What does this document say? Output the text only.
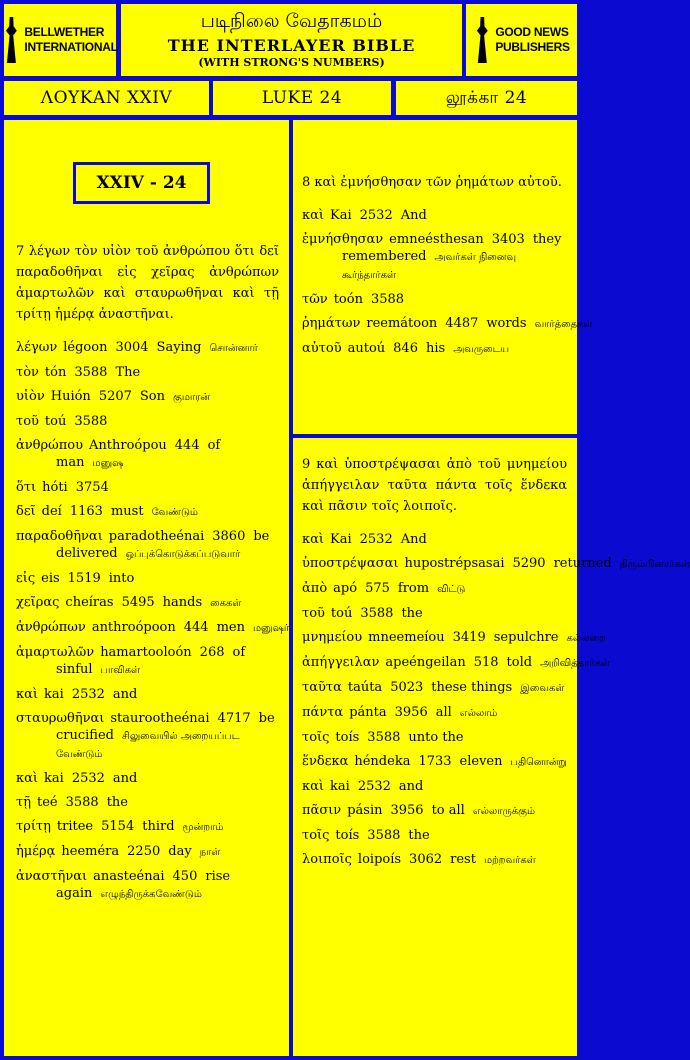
BELLWETHER
INTERNATIONAL
படிநிலை வேதாகமம்
THE INTERLAYER BIBLE
(WITH STRONG'S NUMBERS)
GOOD NEWS
PUBLISHERS
ΛΟΥΚΑΝ XXIV	LUKE 24	லூக்கா 24
XXIV - 24
7 λέγων τὸν υἱὸν τοῦ ἀνθρώπου ὅτι δεῖ παραδοθῆναι εἰς χεῖρας ἀνθρώπων ἁμαρτωλῶν καὶ σταυρωθῆναι καὶ τῇ τρίτῃ ἡμέρᾳ ἀναστῆναι.
λέγων légoon 3004 Saying சொன்னார்
τὸν tón 3588 The
υἱὸν Huión 5207 Son குமாரன்
τοῦ toú 3588
ἀνθρώπου Anthroópou 444 of man மனுஷ
ὅτι hóti 3754
δεῖ deí 1163 must வேண்டும்
παραδοθῆναι paradotheénai 3860 be delivered ஒப்புக்கொடுக்கப்படுவார்
εἰς eis 1519 into
χεῖρας cheíras 5495 hands கைகள்
ἀνθρώπων anthroópoon 444 men மனுஷர்
ἁμαρτωλῶν hamartooloón 268 of sinful பாவிகள்
καὶ kai 2532 and
σταυρωθῆναι staurootheénai 4717 be crucified சிலுவையில் அறையப்பட வேண்டும்
καὶ kai 2532 and
τῇ teé 3588 the
τρίτῃ tritee 5154 third மூன்றாம்
ἡμέρᾳ heeméra 2250 day நாள்
ἀναστῆναι anasteénai 450 rise again எழுந்திருக்கவேண்டும்
8 καὶ ἐμνήσθησαν τῶν ῥημάτων αὐτοῦ.
καὶ Kai 2532 And
ἐμνήσθησαν emneésthesan 3403 they remembered அவர்கள் நினைவு கூர்ந்தார்கள்
τῶν toón 3588
ῥημάτων reemátoon 4487 words வார்த்தைகள்
αὐτοῦ autoú 846 his அவருடைய
9 καὶ ὑποστρέψασαι ἀπὸ τοῦ μνημείου ἀπήγγειλαν ταῦτα πάντα τοῖς ἕνδεκα καὶ πᾶσιν τοῖς λοιποῖς.
καὶ Kai 2532 And
ὑποστρέψασαι hupostrépsasai 5290 returned திரும்பினார்கள்
ἀπὸ apó 575 from விட்டு
τοῦ toú 3588 the
μνημείου mneemeíou 3419 sepulchre கல்லறை
ἀπήγγειλαν apeéngeilan 518 told அறிவித்தார்கள்
ταῦτα taúta 5023 these things இவைகள்
πάντα pánta 3956 all எல்லாம்
τοῖς toís 3588 unto the
ἕνδεκα héndeka 1733 eleven பதினொன்று
καὶ kai 2532 and
πᾶσιν pásin 3956 to all எல்லாருக்கும்
τοῖς toís 3588 the
λοιποῖς loipoís 3062 rest மற்றவர்கள்
